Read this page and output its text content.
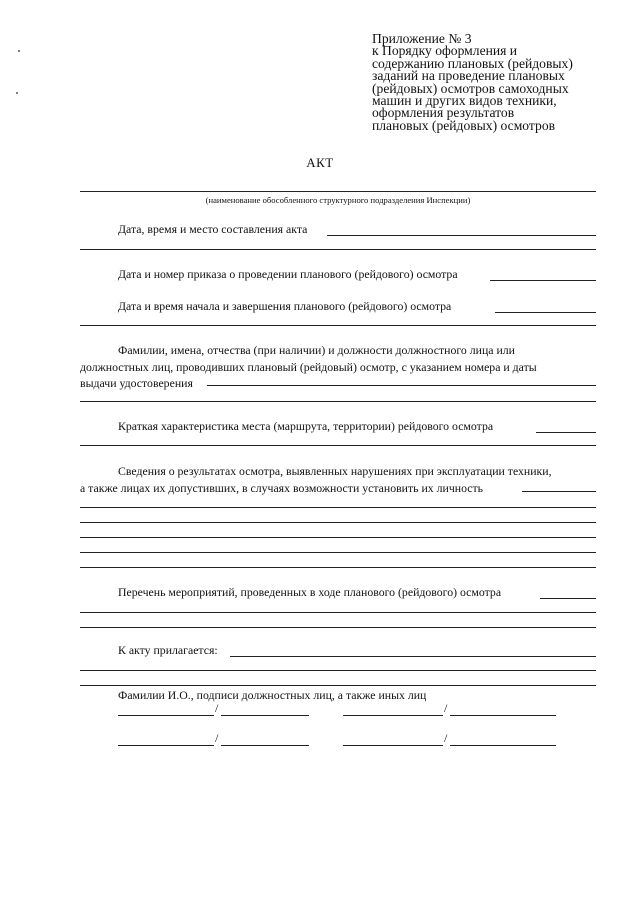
Приложение № 3
к Порядку оформления и
содержанию плановых (рейдовых)
заданий на проведение плановых
(рейдовых) осмотров самоходных
машин и других видов техники,
оформления результатов
плановых (рейдовых) осмотров
АКТ
(наименование обособленного структурного подразделения Инспекции)
Дата, время и место составления акта
Дата и номер приказа о проведении планового (рейдового) осмотра
Дата и время начала и завершения планового (рейдового) осмотра
Фамилии, имена, отчества (при наличии) и должности должностного лица или
должностных лиц, проводивших плановый (рейдовый) осмотр, с указанием номера и даты
выдачи удостоверения
Краткая характеристика места (маршрута, территории) рейдового осмотра
Сведения о результатах осмотра, выявленных нарушениях при эксплуатации техники,
а также лицах их допустивших, в случаях возможности установить их личность
Перечень мероприятий, проведенных в ходе планового (рейдового) осмотра
К акту прилагается:
Фамилии И.О., подписи должностных лиц, а также иных лиц
/	/
/	/
